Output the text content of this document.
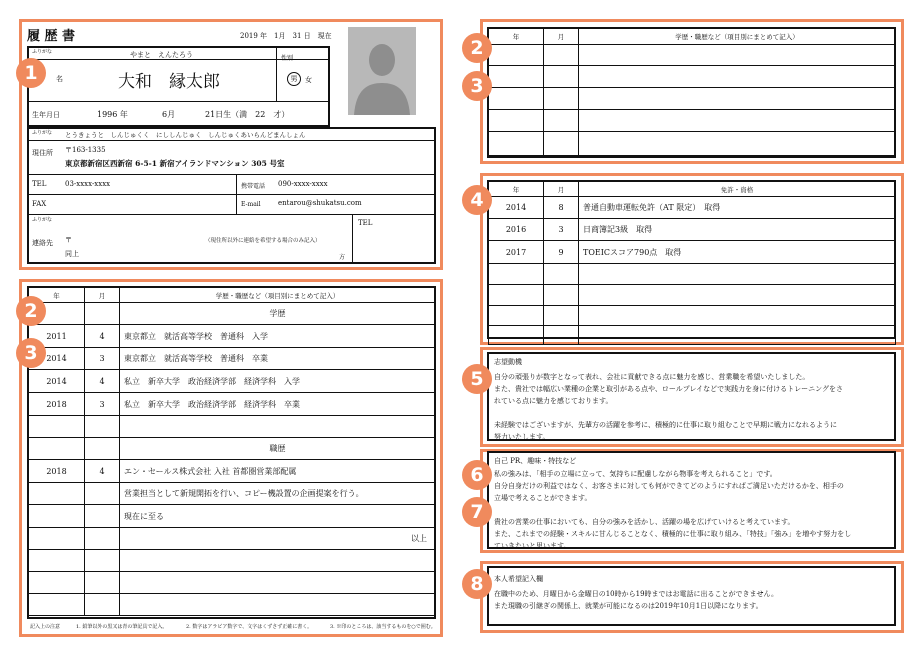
履 歴 書	2019 年　1月　31 日　現在
ふりがな	やまと　えんたろう
名	大和　縁太郎
性別
男 女
生年月日	1996 年	6月	21日生（満　22　才）
ふりがな とうきょうと　しんじゅくく　にししんじゅく　しんじゅくあいらんどまんしょん
現住所 〒163-1335
東京都新宿区西新宿 6-5-1 新宿アイランドマンション 305 号室
TEL	03-xxxx-xxxx	携帯電話 090-xxxx-xxxx
FAX	E-mail entarou@shukatsu.com
ふりがな
連絡先 〒	（現住所以外に連絡を希望する場合のみ記入）
同上	方
TEL
年	月	学歴・職歴など（項目別にまとめて記入）
		学歴
2011	4	東京都立　就活高等学校　普通科　入学
2014	3	東京都立　就活高等学校　普通科　卒業
2014	4	私立　新卒大学　政治経済学部　経済学科　入学
2018	3	私立　新卒大学　政治経済学部　経済学科　卒業

		職歴
2018	4	エン・セールス株式会社 入社 首都圏営業部配属
		営業担当として新規開拓を行い、コピー機設置の企画提案を行う。
		現在に至る
		以上

記入上の注意	1. 鉛筆以外の黒又は青の筆記具で記入。	2. 数字はアラビア数字で、文字はくずさず正確に書く。	3. ※印のところは、該当するものを○で囲む。
年	月	学歴・職歴など（項目別にまとめて記入）

年	月	免許・資格
2014	8	普通自動車運転免許（AT 限定）　取得
2016	3	日商簿記3級　取得
2017	9	TOEICスコア790点　取得

志望動機

自分の頑張りが数字となって表れ、会社に貢献できる点に魅力を感じ、営業職を希望いたしました。

また、貴社では幅広い業種の企業と取引がある点や、ロールプレイなどで実践力を身に付けるトレーニングをさ

れている点に魅力を感じております。

未経験ではございますが、先輩方の活躍を参考に、積極的に仕事に取り組むことで早期に戦力になれるように

努力いたします。

自己 PR、趣味・特技など

私の強みは、「相手の立場に立って、気持ちに配慮しながら物事を考えられること」です。

自分自身だけの利益ではなく、お客さまに対しても何ができてどのようにすればご満足いただけるかを、相手の

立場で考えることができます。

貴社の営業の仕事においても、自分の強みを活かし、活躍の場を広げていけると考えています。

また、これまでの経験・スキルに甘んじることなく、積極的に仕事に取り組み、「特技」「強み」を増やす努力をし

ていきたいと思います。

本人希望記入欄

在職中のため、月曜日から金曜日の10時から19時まではお電話に出ることができません。

また現職の引継ぎの関係上、就業が可能になるのは2019年10月1日以降になります。

1
2
3
2
3
4
5
6
7
8
